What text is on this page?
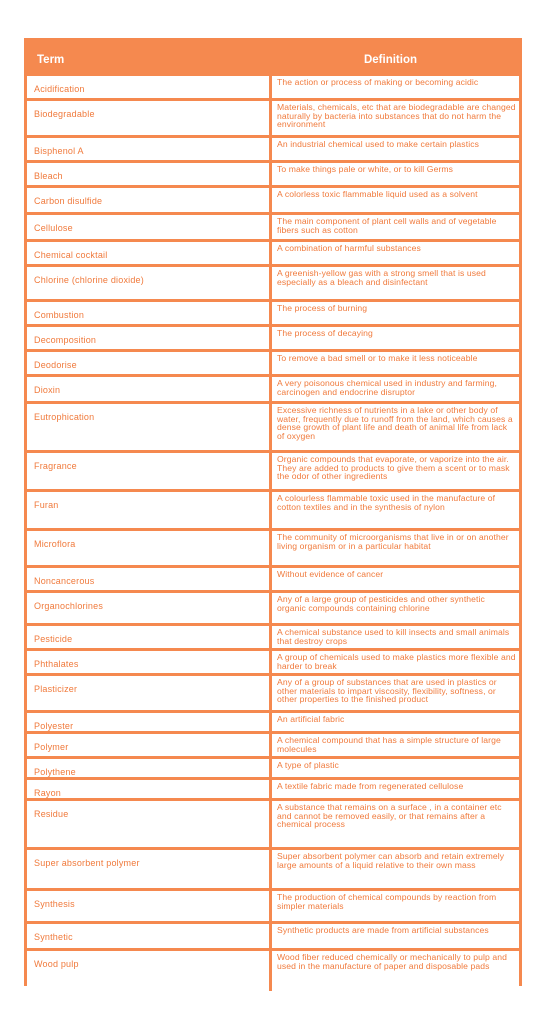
Term	Definition
Acidification	The action or process of making or becoming acidic
Biodegradable	Materials, chemicals, etc that are biodegradable are changed naturally by bacteria into substances that do not harm the environment
Bisphenol A	An industrial chemical used to make certain plastics
Bleach	To make things pale or white, or to kill Germs
Carbon disulfide	A colorless toxic flammable liquid used as a solvent
Cellulose	The main component of plant cell walls and of vegetable fibers such as cotton
Chemical cocktail	A combination of harmful substances
Chlorine (chlorine dioxide)	A greenish-yellow gas with a strong smell that is used especially as a bleach and disinfectant
Combustion	The process of burning
Decomposition	The process of decaying
Deodorise	To remove a bad smell or to make it less noticeable
Dioxin	A very poisonous chemical used in industry and farming, carcinogen and endocrine disruptor
Eutrophication	Excessive richness of nutrients in a lake or other body of water, frequently due to runoff from the land, which causes a dense growth of plant life and death of animal life from lack of oxygen
Fragrance	Organic compounds that evaporate, or vaporize into the air. They are added to products to give them a scent or to mask the odor of other ingredients
Furan	A colourless flammable toxic used in the manufacture of cotton textiles and in the synthesis of nylon
Microflora	The community of microorganisms that live in or on another living organism or in a particular habitat
Noncancerous	Without evidence of cancer
Organochlorines	Any of a large group of pesticides and other synthetic organic compounds containing chlorine
Pesticide	A chemical substance used to kill insects and small animals that destroy crops
Phthalates	A group of chemicals used to make plastics more flexible and harder to break
Plasticizer	Any of a group of substances that are used in plastics or other materials to impart viscosity, flexibility, softness, or other properties to the finished product
Polyester	An artificial fabric
Polymer	A chemical compound that has a simple structure of large molecules
Polythene	A type of plastic
Rayon	A textile fabric made from regenerated cellulose
Residue	A substance that remains on a surface , in a container etc and cannot be removed easily, or that remains after a chemical process
Super absorbent polymer	Super absorbent polymer can absorb and retain extremely large amounts of a liquid relative to their own mass
Synthesis	The production of chemical compounds by reaction from simpler materials
Synthetic	Synthetic products are made from artificial substances
Wood pulp	Wood fiber reduced chemically or mechanically to pulp and used in the manufacture of paper and disposable pads
